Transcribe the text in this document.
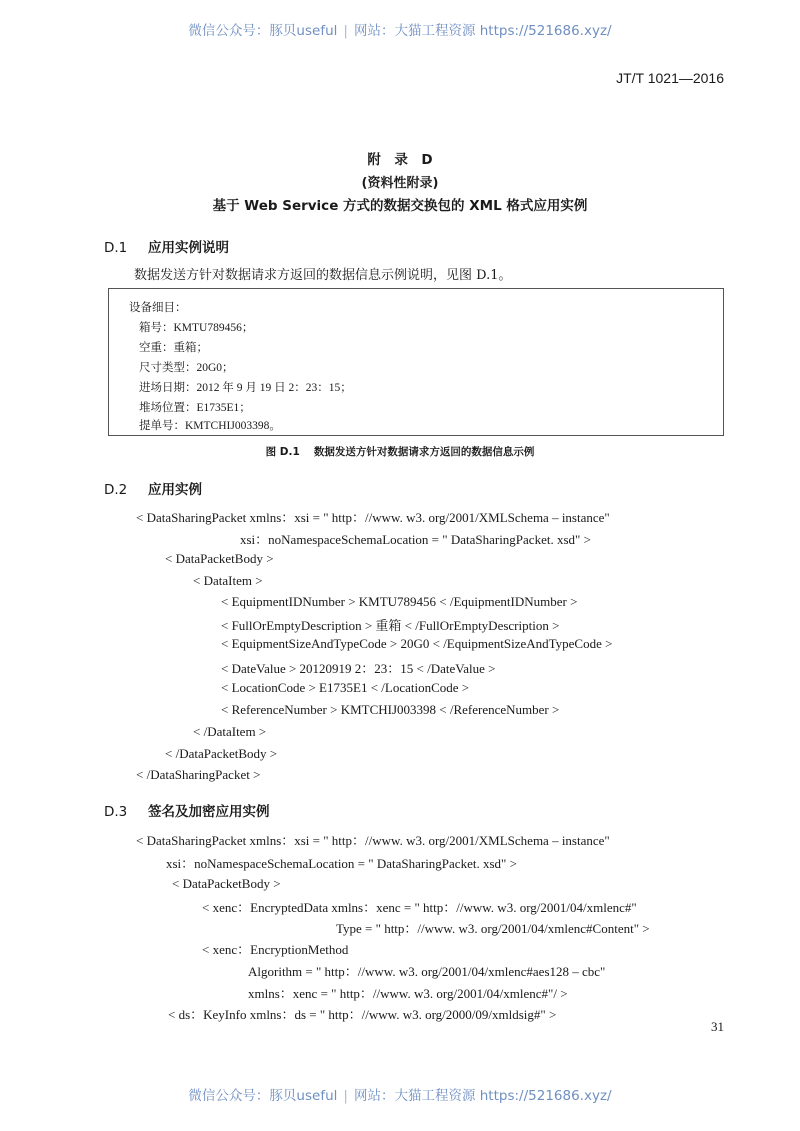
微信公众号：豚贝useful | 网站：大猫工程资源 https://521686.xyz/
JT/T 1021—2016
附　录　D
(资料性附录)
基于 Web Service 方式的数据交换包的 XML 格式应用实例
D.1 应用实例说明
数据发送方针对数据请求方返回的数据信息示例说明，见图 D.1。
设备细目：
箱号：KMTU789456；
空重：重箱；
尺寸类型：20G0；
进场日期：2012 年 9 月 19 日 2：23：15；
堆场位置：E1735E1；
提单号：KMTCHIJ003398。
图 D.1 数据发送方针对数据请求方返回的数据信息示例
D.2 应用实例
< DataSharingPacket xmlns：xsi = " http：//www. w3. org/2001/XMLSchema – instance"
xsi：noNamespaceSchemaLocation = " DataSharingPacket. xsd" >
< DataPacketBody >
< DataItem >
< EquipmentIDNumber > KMTU789456 < /EquipmentIDNumber >
< FullOrEmptyDescription > 重箱 < /FullOrEmptyDescription >
< EquipmentSizeAndTypeCode > 20G0 < /EquipmentSizeAndTypeCode >
< DateValue > 20120919 2：23：15 < /DateValue >
< LocationCode > E1735E1 < /LocationCode >
< ReferenceNumber > KMTCHIJ003398 < /ReferenceNumber >
< /DataItem >
< /DataPacketBody >
< /DataSharingPacket >
D.3 签名及加密应用实例
< DataSharingPacket xmlns：xsi = " http：//www. w3. org/2001/XMLSchema – instance"
xsi：noNamespaceSchemaLocation = " DataSharingPacket. xsd" >
< DataPacketBody >
< xenc：EncryptedData xmlns：xenc = " http：//www. w3. org/2001/04/xmlenc#"
Type = " http：//www. w3. org/2001/04/xmlenc#Content" >
< xenc：EncryptionMethod
Algorithm = " http：//www. w3. org/2001/04/xmlenc#aes128 – cbc"
xmlns：xenc = " http：//www. w3. org/2001/04/xmlenc#"/ >
< ds：KeyInfo xmlns：ds = " http：//www. w3. org/2000/09/xmldsig#" >
31
微信公众号：豚贝useful | 网站：大猫工程资源 https://521686.xyz/
